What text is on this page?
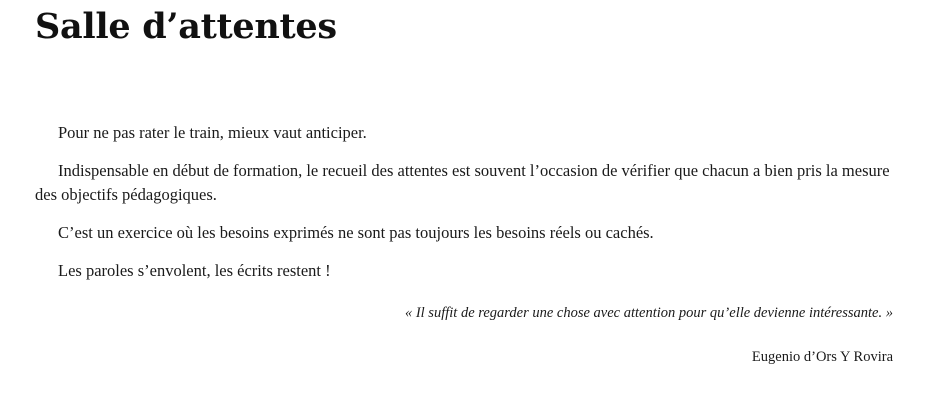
Salle d’attentes

Pour ne pas rater le train, mieux vaut anticiper.

Indispensable en début de formation, le recueil des attentes est souvent l’occasion de vérifier que chacun a bien pris la mesure des objectifs pédagogiques.

C’est un exercice où les besoins exprimés ne sont pas toujours les besoins réels ou cachés.

Les paroles s’envolent, les écrits restent !

« Il suffit de regarder une chose avec attention pour qu’elle devienne intéressante. »
Eugenio d’Ors Y Rovira
